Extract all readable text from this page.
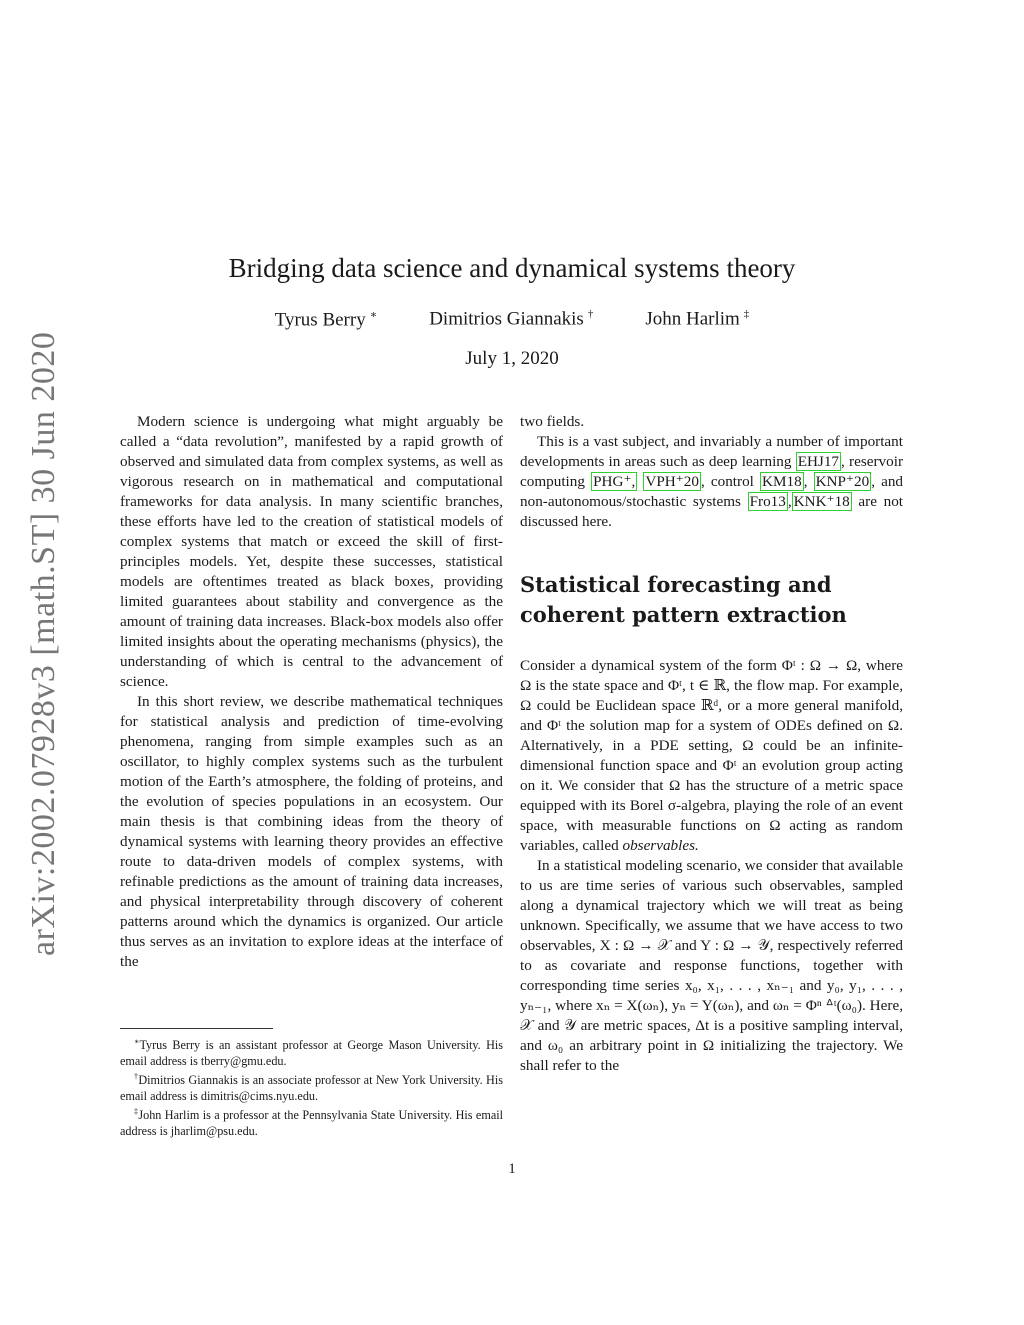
arXiv:2002.07928v3 [math.ST] 30 Jun 2020
Bridging data science and dynamical systems theory
Tyrus Berry ∗	Dimitrios Giannakis †	John Harlim ‡
July 1, 2020

Modern science is undergoing what might arguably be called a “data revolution”, manifested by a rapid growth of observed and simulated data from complex systems, as well as vigorous research on in mathematical and computational frameworks for data analysis. In many scientific branches, these efforts have led to the creation of statistical models of complex systems that match or exceed the skill of first-principles models. Yet, despite these successes, statistical models are oftentimes treated as black boxes, providing limited guarantees about stability and convergence as the amount of training data increases. Black-box models also offer limited insights about the operating mechanisms (physics), the understanding of which is central to the advancement of science.

In this short review, we describe mathematical techniques for statistical analysis and prediction of time-evolving phenomena, ranging from simple examples such as an oscillator, to highly complex systems such as the turbulent motion of the Earth’s atmosphere, the folding of proteins, and the evolution of species populations in an ecosystem. Our main thesis is that combining ideas from the theory of dynamical systems with learning theory provides an effective route to data-driven models of complex systems, with refinable predictions as the amount of training data increases, and physical interpretability through discovery of coherent patterns around which the dynamics is organized. Our article thus serves as an invitation to explore ideas at the interface of the

∗Tyrus Berry is an assistant professor at George Mason University. His email address is tberry@gmu.edu.

†Dimitrios Giannakis is an associate professor at New York University. His email address is dimitris@cims.nyu.edu.

‡John Harlim is a professor at the Pennsylvania State University. His email address is jharlim@psu.edu.

two fields.

This is a vast subject, and invariably a number of important developments in areas such as deep learning EHJ17 , reservoir computing PHG⁺, VPH⁺20 , control KM18 , KNP⁺20 , and non-autonomous/stochastic systems Fro13 , KNK⁺18 are not discussed here.

Statistical forecasting and coherent pattern extraction

Consider a dynamical system of the form Φᵗ : Ω → Ω, where Ω is the state space and Φᵗ, t ∈ ℝ, the flow map. For example, Ω could be Euclidean space ℝᵈ, or a more general manifold, and Φᵗ the solution map for a system of ODEs defined on Ω. Alternatively, in a PDE setting, Ω could be an infinite-dimensional function space and Φᵗ an evolution group acting on it. We consider that Ω has the structure of a metric space equipped with its Borel σ-algebra, playing the role of an event space, with measurable functions on Ω acting as random variables, called observables.

In a statistical modeling scenario, we consider that available to us are time series of various such observables, sampled along a dynamical trajectory which we will treat as being unknown. Specifically, we assume that we have access to two observables, X : Ω → 𝒳 and Y : Ω → 𝒴, respectively referred to as covariate and response functions, together with corresponding time series x₀, x₁, . . . , xₙ₋₁ and y₀, y₁, . . . , yₙ₋₁, where xₙ = X(ωₙ), yₙ = Y(ωₙ), and ωₙ = Φⁿ ᐞᵗ(ω₀). Here, 𝒳 and 𝒴 are metric spaces, Δt is a positive sampling interval, and ω₀ an arbitrary point in Ω initializing the trajectory. We shall refer to the

1
